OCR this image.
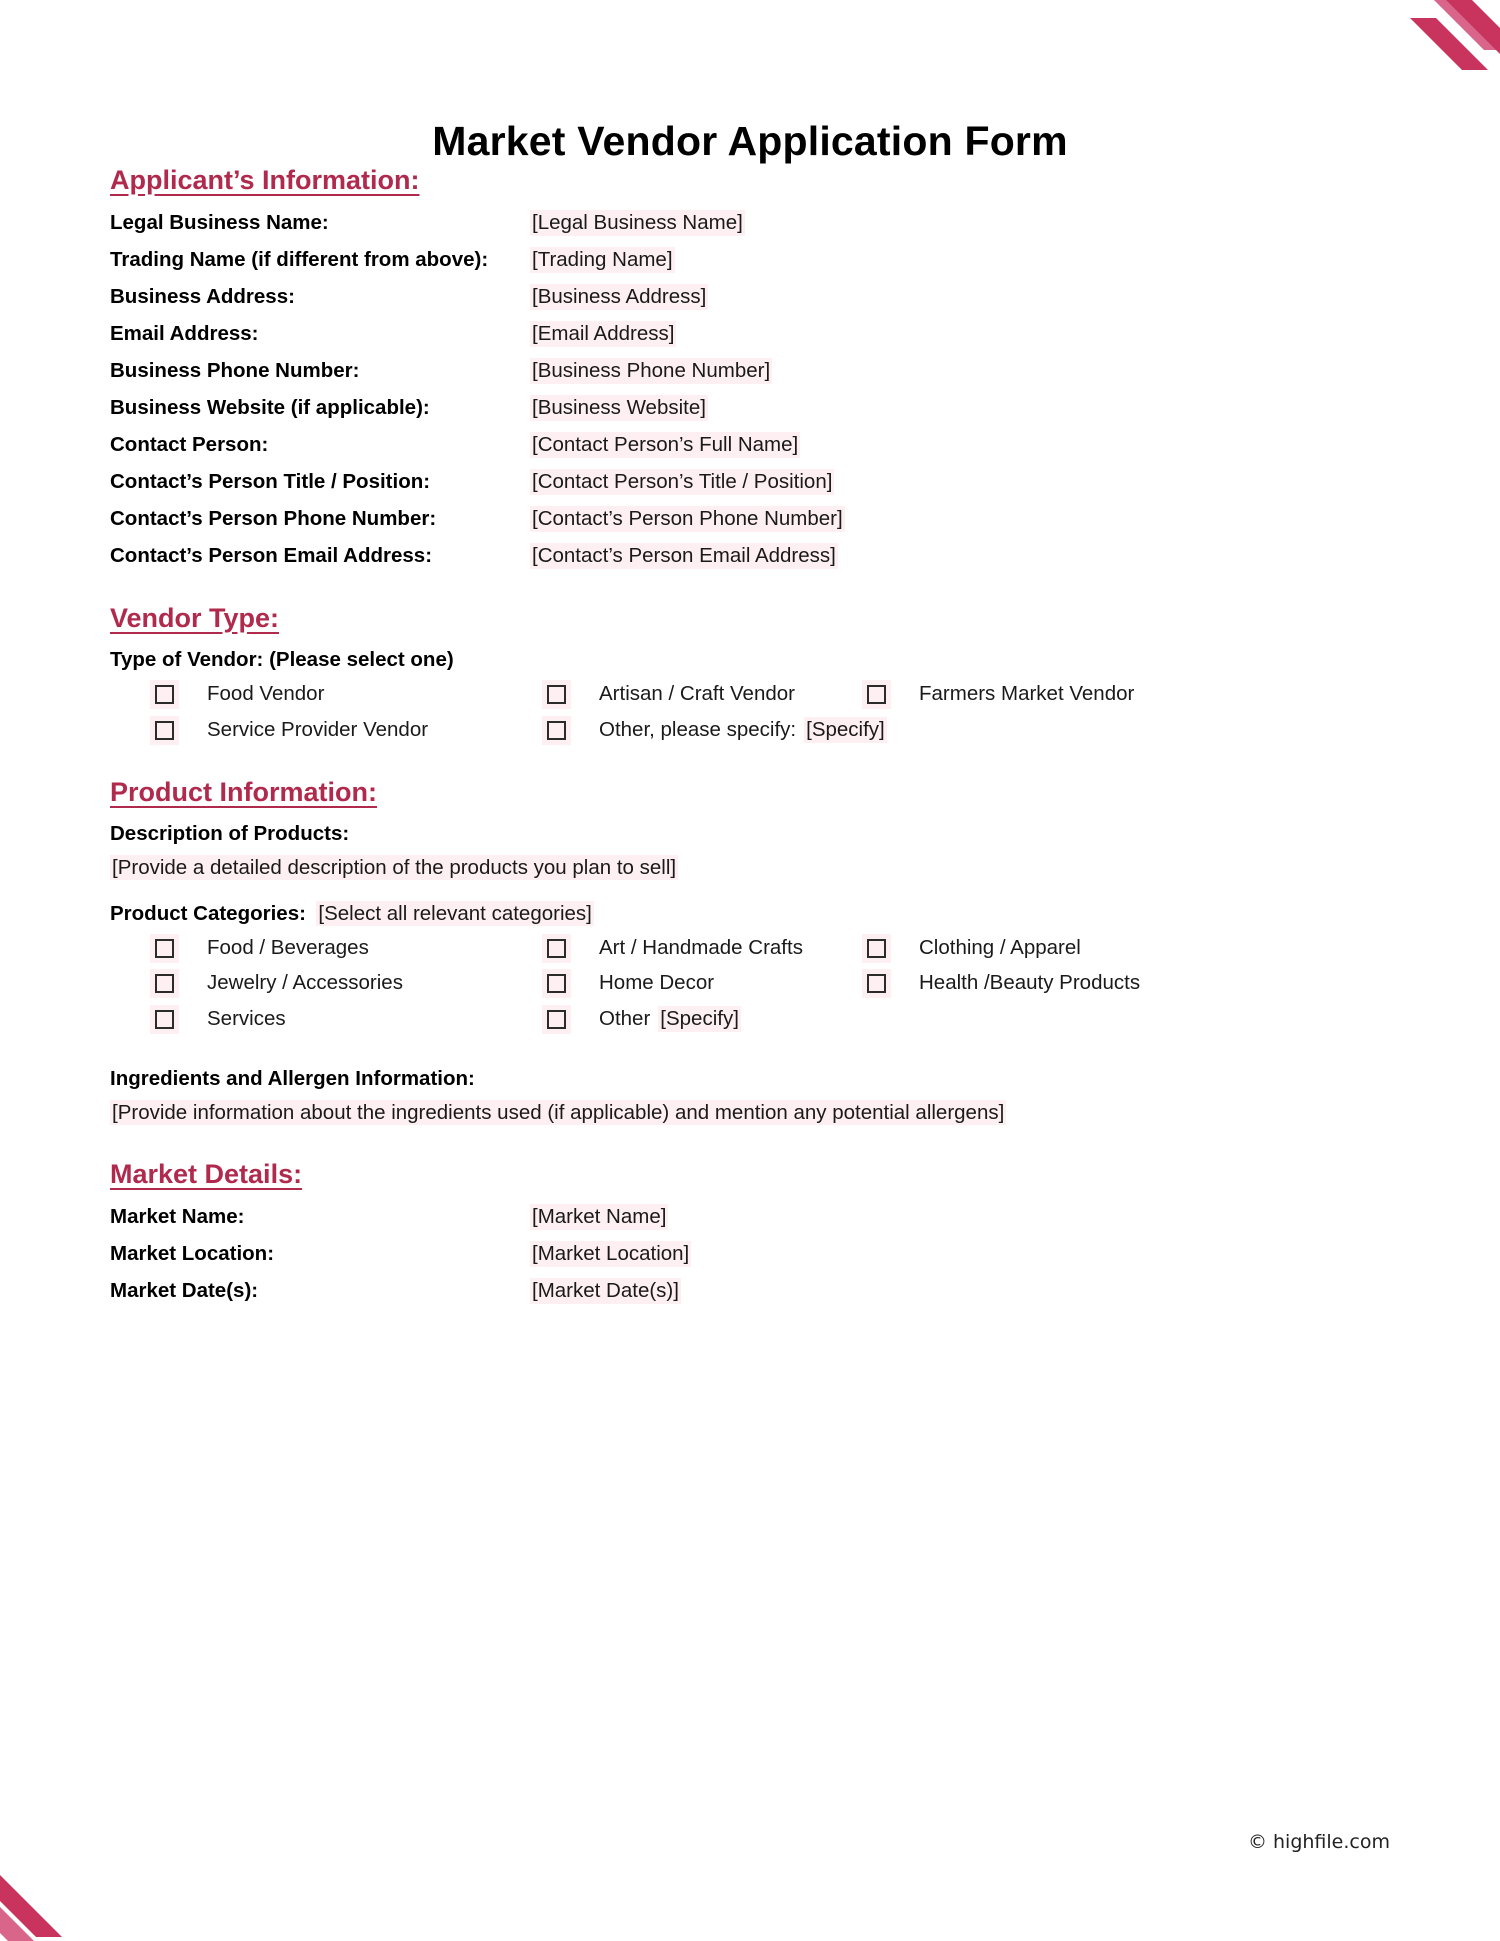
Market Vendor Application Form
Applicant’s Information:
Legal Business Name:	[Legal Business Name]
Trading Name (if different from above):	[Trading Name]
Business Address:	[Business Address]
Email Address:	[Email Address]
Business Phone Number:	[Business Phone Number]
Business Website (if applicable):	[Business Website]
Contact Person:	[Contact Person’s Full Name]
Contact’s Person Title / Position:	[Contact Person’s Title / Position]
Contact’s Person Phone Number:	[Contact’s Person Phone Number]
Contact’s Person Email Address:	[Contact’s Person Email Address]
Vendor Type:
Type of Vendor: (Please select one)
Food Vendor	Artisan / Craft Vendor	Farmers Market Vendor
Service Provider Vendor	Other, please specify: [Specify]
Product Information:
Description of Products:
[Provide a detailed description of the products you plan to sell]
Product Categories: [Select all relevant categories]
Food / Beverages	Art / Handmade Crafts	Clothing / Apparel
Jewelry / Accessories	Home Decor	Health /Beauty Products
Services	Other [Specify]
Ingredients and Allergen Information:
[Provide information about the ingredients used (if applicable) and mention any potential allergens]
Market Details:
Market Name:	[Market Name]
Market Location:	[Market Location]
Market Date(s):	[Market Date(s)]
© highfile.com
